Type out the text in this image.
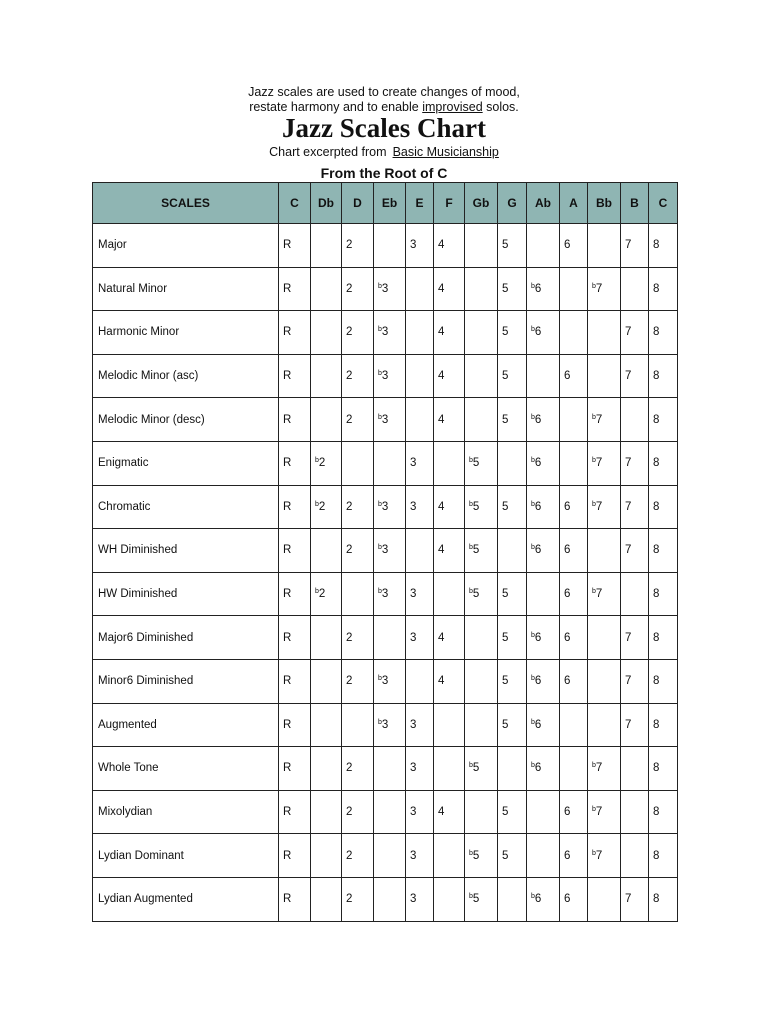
Jazz scales are used to create changes of mood,
restate harmony and to enable improvised solos.
Jazz Scales Chart
Chart excerpted from Basic Musicianship
From the Root of C
SCALES	C	Db	D	Eb	E	F	Gb	G	Ab	A	Bb	B	C
Major	R		2		3	4		5		6		7	8
Natural Minor	R		2	$^b$3		4		5	$^b$6		$^b$7		8
Harmonic Minor	R		2	$^b$3		4		5	$^b$6			7	8
Melodic Minor (asc)	R		2	$^b$3		4		5		6		7	8
Melodic Minor (desc)	R		2	$^b$3		4		5	$^b$6		$^b$7		8
Enigmatic	R	$^b$2			3		$^b$5		$^b$6		$^b$7	7	8
Chromatic	R	$^b$2	2	$^b$3	3	4	$^b$5	5	$^b$6	6	$^b$7	7	8
WH Diminished	R		2	$^b$3		4	$^b$5		$^b$6	6		7	8
HW Diminished	R	$^b$2		$^b$3	3		$^b$5	5		6	$^b$7		8
Major6 Diminished	R		2		3	4		5	$^b$6	6		7	8
Minor6 Diminished	R		2	$^b$3		4		5	$^b$6	6		7	8
Augmented	R			$^b$3	3			5	$^b$6			7	8
Whole Tone	R		2		3		$^b$5		$^b$6		$^b$7		8
Mixolydian	R		2		3	4		5		6	$^b$7		8
Lydian Dominant	R		2		3		$^b$5	5		6	$^b$7		8
Lydian Augmented	R		2		3		$^b$5		$^b$6	6		7	8
